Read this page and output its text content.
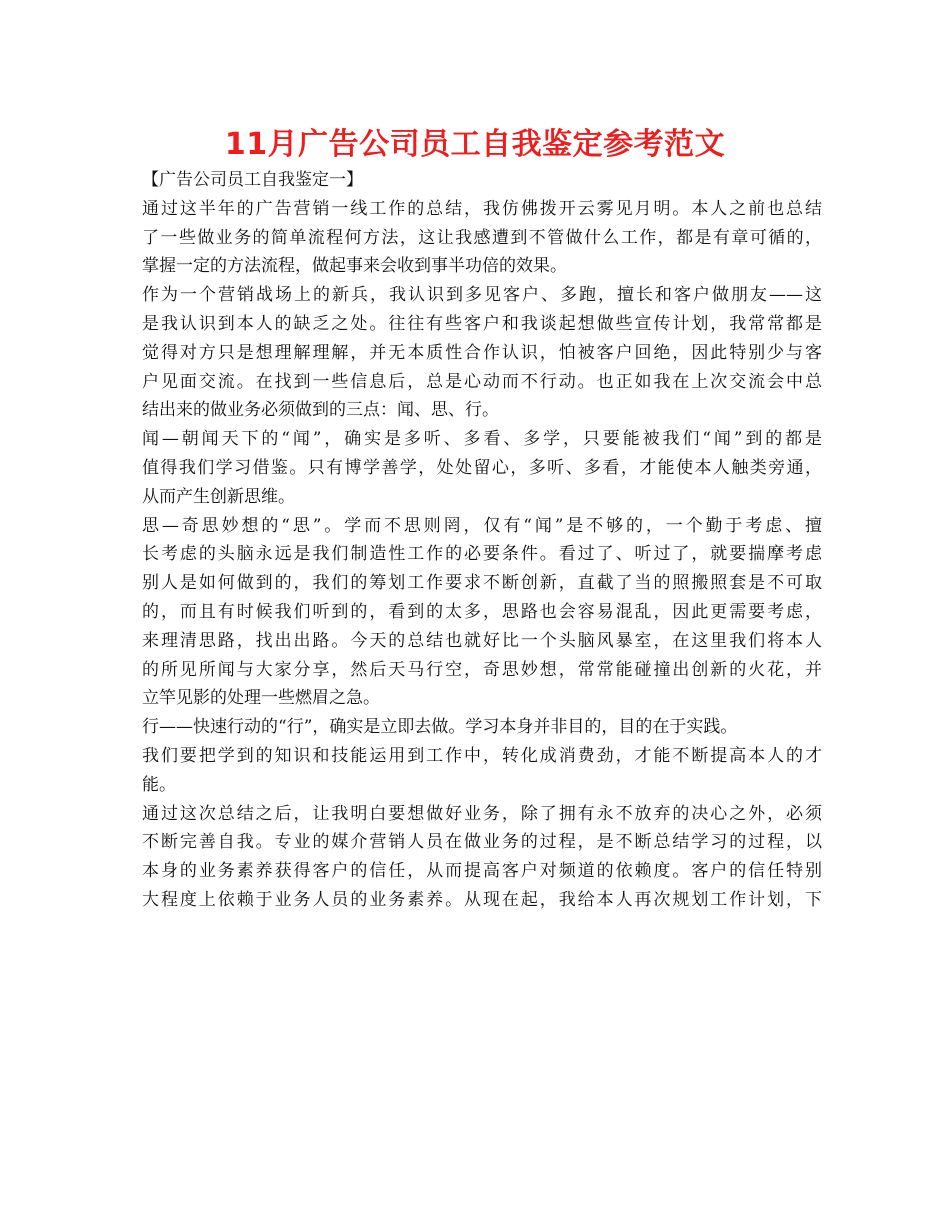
11月广告公司员工自我鉴定参考范文
【广告公司员工自我鉴定一】
通过这半年的广告营销一线工作的总结，我仿佛拨开云雾见月明。本人之前也总结
了一些做业务的简单流程何方法，这让我感遭到不管做什么工作，都是有章可循的，
掌握一定的方法流程，做起事来会收到事半功倍的效果。
作为一个营销战场上的新兵，我认识到多见客户、多跑，擅长和客户做朋友——这
是我认识到本人的缺乏之处。往往有些客户和我谈起想做些宣传计划，我常常都是
觉得对方只是想理解理解，并无本质性合作认识，怕被客户回绝，因此特别少与客
户见面交流。在找到一些信息后，总是心动而不行动。也正如我在上次交流会中总
结出来的做业务必须做到的三点：闻、思、行。
闻—朝闻天下的“闻”，确实是多听、多看、多学，只要能被我们“闻”到的都是
值得我们学习借鉴。只有博学善学，处处留心，多听、多看，才能使本人触类旁通，
从而产生创新思维。
思—奇思妙想的“思”。学而不思则罔，仅有“闻”是不够的，一个勤于考虑、擅
长考虑的头脑永远是我们制造性工作的必要条件。看过了、听过了，就要揣摩考虑
别人是如何做到的，我们的筹划工作要求不断创新，直截了当的照搬照套是不可取
的，而且有时候我们听到的，看到的太多，思路也会容易混乱，因此更需要考虑，
来理清思路，找出出路。今天的总结也就好比一个头脑风暴室，在这里我们将本人
的所见所闻与大家分享，然后天马行空，奇思妙想，常常能碰撞出创新的火花，并
立竿见影的处理一些燃眉之急。
行——快速行动的“行”，确实是立即去做。学习本身并非目的，目的在于实践。
我们要把学到的知识和技能运用到工作中，转化成消费劲，才能不断提高本人的才
能。
通过这次总结之后，让我明白要想做好业务，除了拥有永不放弃的决心之外，必须
不断完善自我。专业的媒介营销人员在做业务的过程，是不断总结学习的过程，以
本身的业务素养获得客户的信任，从而提高客户对频道的依赖度。客户的信任特别
大程度上依赖于业务人员的业务素养。从现在起，我给本人再次规划工作计划，下
